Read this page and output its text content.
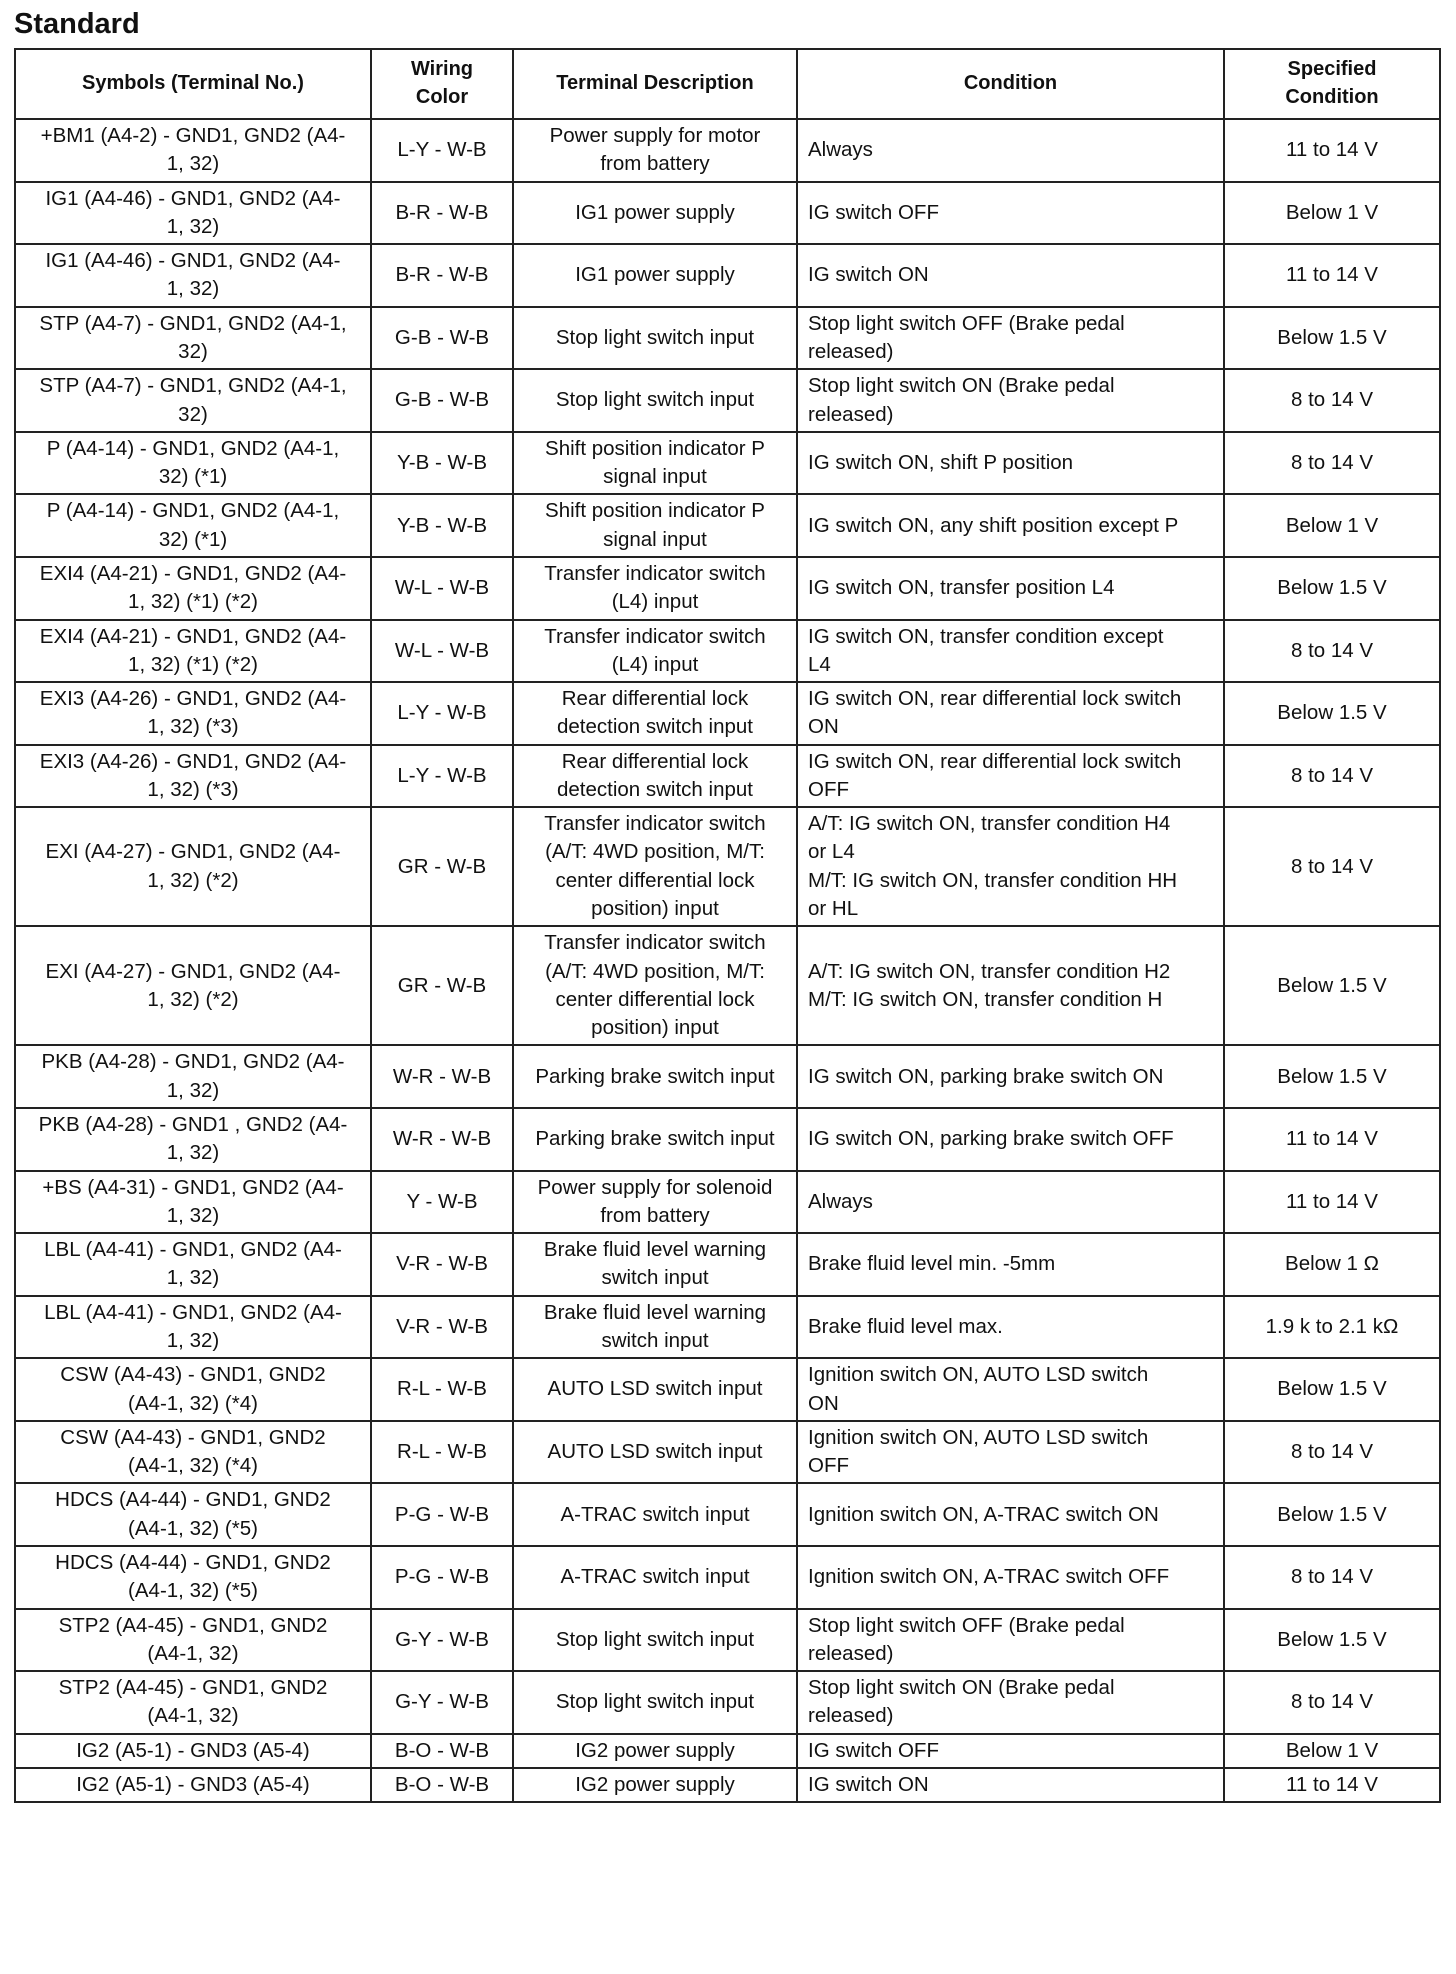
Standard
Symbols (Terminal No.)	Wiring
Color	Terminal Description	Condition	Specified
Condition
+BM1 (A4-2) - GND1, GND2 (A4-
1, 32)	L-Y - W-B	Power supply for motor
from battery	Always	11 to 14 V
IG1 (A4-46) - GND1, GND2 (A4-
1, 32)	B-R - W-B	IG1 power supply	IG switch OFF	Below 1 V
IG1 (A4-46) - GND1, GND2 (A4-
1, 32)	B-R - W-B	IG1 power supply	IG switch ON	11 to 14 V
STP (A4-7) - GND1, GND2 (A4-1,
32)	G-B - W-B	Stop light switch input	Stop light switch OFF (Brake pedal
released)	Below 1.5 V
STP (A4-7) - GND1, GND2 (A4-1,
32)	G-B - W-B	Stop light switch input	Stop light switch ON (Brake pedal
released)	8 to 14 V
P (A4-14) - GND1, GND2 (A4-1,
32) (*1)	Y-B - W-B	Shift position indicator P
signal input	IG switch ON, shift P position	8 to 14 V
P (A4-14) - GND1, GND2 (A4-1,
32) (*1)	Y-B - W-B	Shift position indicator P
signal input	IG switch ON, any shift position except P	Below 1 V
EXI4 (A4-21) - GND1, GND2 (A4-
1, 32) (*1) (*2)	W-L - W-B	Transfer indicator switch
(L4) input	IG switch ON, transfer position L4	Below 1.5 V
EXI4 (A4-21) - GND1, GND2 (A4-
1, 32) (*1) (*2)	W-L - W-B	Transfer indicator switch
(L4) input	IG switch ON, transfer condition except
L4	8 to 14 V
EXI3 (A4-26) - GND1, GND2 (A4-
1, 32) (*3)	L-Y - W-B	Rear differential lock
detection switch input	IG switch ON, rear differential lock switch
ON	Below 1.5 V
EXI3 (A4-26) - GND1, GND2 (A4-
1, 32) (*3)	L-Y - W-B	Rear differential lock
detection switch input	IG switch ON, rear differential lock switch
OFF	8 to 14 V
EXI (A4-27) - GND1, GND2 (A4-
1, 32) (*2)	GR - W-B	Transfer indicator switch
(A/T: 4WD position, M/T:
center differential lock
position) input	A/T: IG switch ON, transfer condition H4
or L4
M/T: IG switch ON, transfer condition HH
or HL	8 to 14 V
EXI (A4-27) - GND1, GND2 (A4-
1, 32) (*2)	GR - W-B	Transfer indicator switch
(A/T: 4WD position, M/T:
center differential lock
position) input	A/T: IG switch ON, transfer condition H2
M/T: IG switch ON, transfer condition H	Below 1.5 V
PKB (A4-28) - GND1, GND2 (A4-
1, 32)	W-R - W-B	Parking brake switch input	IG switch ON, parking brake switch ON	Below 1.5 V
PKB (A4-28) - GND1 , GND2 (A4-
1, 32)	W-R - W-B	Parking brake switch input	IG switch ON, parking brake switch OFF	11 to 14 V
+BS (A4-31) - GND1, GND2 (A4-
1, 32)	Y - W-B	Power supply for solenoid
from battery	Always	11 to 14 V
LBL (A4-41) - GND1, GND2 (A4-
1, 32)	V-R - W-B	Brake fluid level warning
switch input	Brake fluid level min. -5mm	Below 1 Ω
LBL (A4-41) - GND1, GND2 (A4-
1, 32)	V-R - W-B	Brake fluid level warning
switch input	Brake fluid level max.	1.9 k to 2.1 kΩ
CSW (A4-43) - GND1, GND2
(A4-1, 32) (*4)	R-L - W-B	AUTO LSD switch input	Ignition switch ON, AUTO LSD switch
ON	Below 1.5 V
CSW (A4-43) - GND1, GND2
(A4-1, 32) (*4)	R-L - W-B	AUTO LSD switch input	Ignition switch ON, AUTO LSD switch
OFF	8 to 14 V
HDCS (A4-44) - GND1, GND2
(A4-1, 32) (*5)	P-G - W-B	A-TRAC switch input	Ignition switch ON, A-TRAC switch ON	Below 1.5 V
HDCS (A4-44) - GND1, GND2
(A4-1, 32) (*5)	P-G - W-B	A-TRAC switch input	Ignition switch ON, A-TRAC switch OFF	8 to 14 V
STP2 (A4-45) - GND1, GND2
(A4-1, 32)	G-Y - W-B	Stop light switch input	Stop light switch OFF (Brake pedal
released)	Below 1.5 V
STP2 (A4-45) - GND1, GND2
(A4-1, 32)	G-Y - W-B	Stop light switch input	Stop light switch ON (Brake pedal
released)	8 to 14 V
IG2 (A5-1) - GND3 (A5-4)	B-O - W-B	IG2 power supply	IG switch OFF	Below 1 V
IG2 (A5-1) - GND3 (A5-4)	B-O - W-B	IG2 power supply	IG switch ON	11 to 14 V
